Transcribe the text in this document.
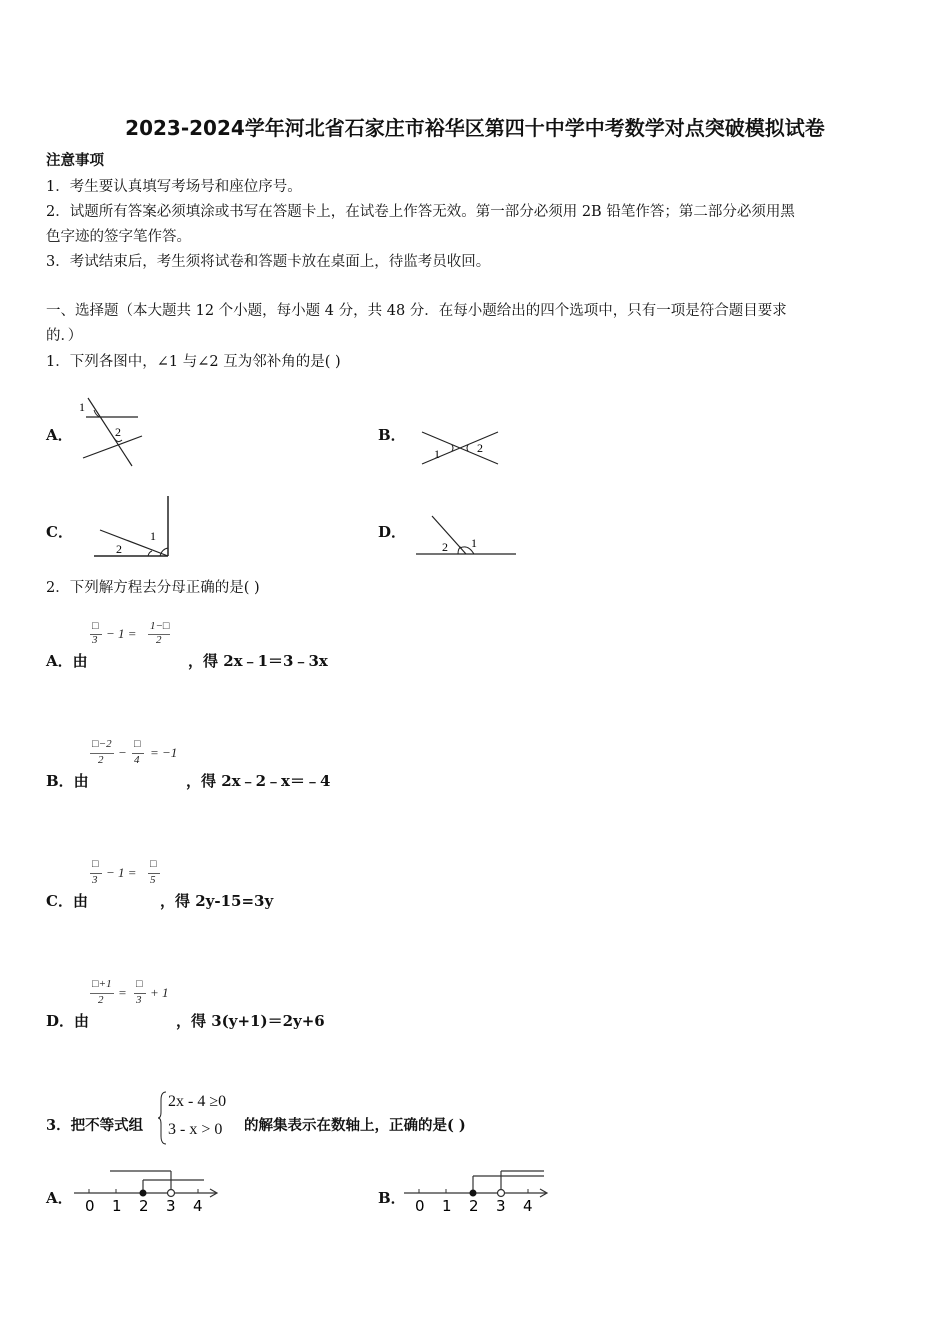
2023-2024学年河北省石家庄市裕华区第四十中学中考数学对点突破模拟试卷
注意事项
1．考生要认真填写考场号和座位序号。
2．试题所有答案必须填涂或书写在答题卡上，在试卷上作答无效。第一部分必须用 2B 铅笔作答；第二部分必须用黑
色字迹的签字笔作答。
3．考试结束后，考生须将试卷和答题卡放在桌面上，待监考员收回。
一、选择题（本大题共 12 个小题，每小题 4 分，共 48 分．在每小题给出的四个选项中，只有一项是符合题目要求
的．）
1．下列各图中，∠1 与∠2 互为邻补角的是( )
A．
1
2	B．
1	2
C．	1
2
D．
1
2
2．下列解方程去分母正确的是( )
□
3 − 1 = 1−□
2
A．由	，得 2x﹣1＝3﹣3x
□−2
2 −
□
4 = −1
B．由	，得 2x﹣2﹣x＝﹣4
□
3 − 1 =
□
5
C．由	，得 2y-15=3y
□+1
2 =
□
3 + 1
D．由	，得 3(y+1)＝2y+6
3．把不等式组
2x - 4 ≥0
3 - x > 0 的解集表示在数轴上，正确的是( )
A． 0 1 2 3 4	B． 0 1 2 3 4
